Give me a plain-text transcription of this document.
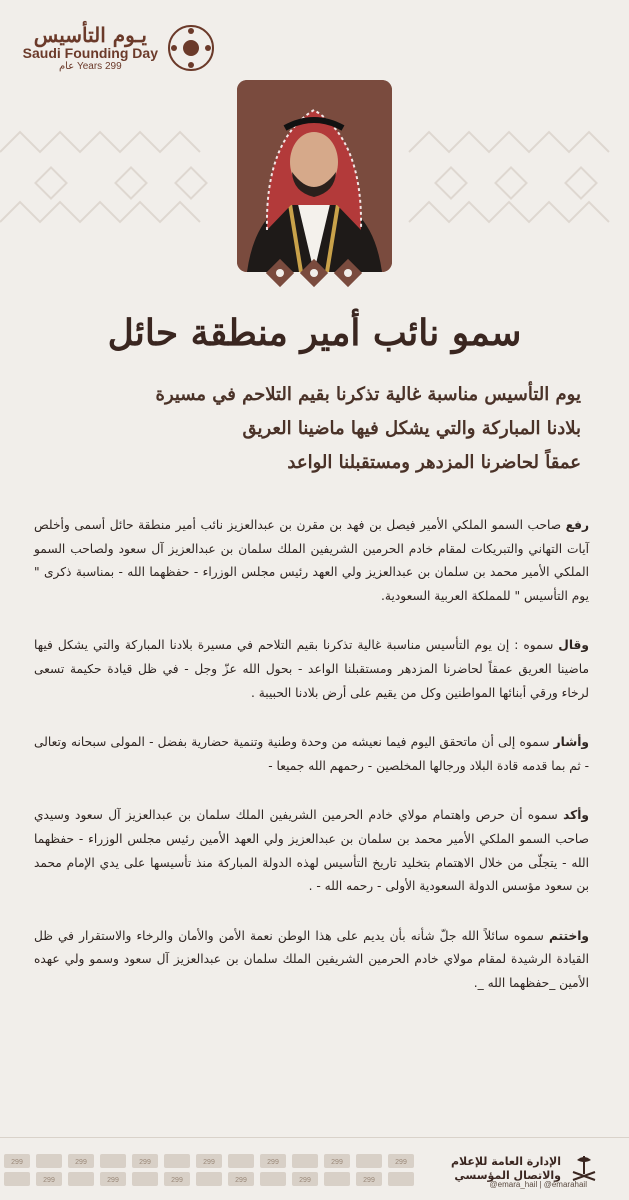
يـوم التأسيس
Saudi Founding Day
299 Years عام
سمو نائب أمير منطقة حائل

يوم التأسيس مناسبة غالية تذكرنا بقيم التلاحم في مسيرة

بلادنا المباركة والتي يشكل فيها ماضينا العريق

عمقاً لحاضرنا المزدهر ومستقبلنا الواعد

رفع صاحب السمو الملكي الأمير فيصل بن فهد بن مقرن بن عبدالعزيز نائب أمير منطقة حائل أسمى وأخلص آيات التهاني والتبريكات لمقام خادم الحرمين الشريفين الملك سلمان بن عبدالعزيز آل سعود ولصاحب السمو الملكي الأمير محمد بن سلمان بن عبدالعزيز ولي العهد رئيس مجلس الوزراء - حفظهما الله - بمناسبة ذكرى " يوم التأسيس " للمملكة العربية السعودية.

وقال سموه : إن يوم التأسيس مناسبة غالية تذكرنا بقيم التلاحم في مسيرة بلادنا المباركة والتي يشكل فيها ماضينا العريق عمقاً لحاضرنا المزدهر ومستقبلنا الواعد - بحول الله عزّ وجل - في ظل قيادة حكيمة تسعى لرخاء ورقي أبنائها المواطنين وكل من يقيم على أرض بلادنا الحبيبة .

وأشار سموه إلى أن ماتحقق اليوم فيما نعيشه من وحدة وطنية وتنمية حضارية بفضل - المولى سبحانه وتعالى - ثم بما قدمه قادة البلاد ورجالها المخلصين - رحمهم الله جميعا -

وأكد سموه أن حرص واهتمام مولاي خادم الحرمين الشريفين الملك سلمان بن عبدالعزيز آل سعود وسيدي صاحب السمو الملكي الأمير محمد بن سلمان بن عبدالعزيز ولي العهد الأمين رئيس مجلس الوزراء - حفظهما الله - يتجلّى من خلال الاهتمام بتخليد تاريخ التأسيس لهذه الدولة المباركة منذ تأسيسها على يدي الإمام محمد بن سعود مؤسس الدولة السعودية الأولى - رحمه الله - .

واختتم سموه سائلاً الله جلّ شأنه بأن يديم على هذا الوطن نعمة الأمن والأمان والرخاء والاستقرار في ظل القيادة الرشيدة لمقام مولاي خادم الحرمين الشريفين الملك سلمان بن عبدالعزيز آل سعود وسمو ولي عهده الأمين _حفظهما الله _.

299
299
299
299
299
299
299
299
299
299
299
299
299	الإدارة العامة للإعلام
والاتصال المؤسسي
@emara_hail | @emarahail
